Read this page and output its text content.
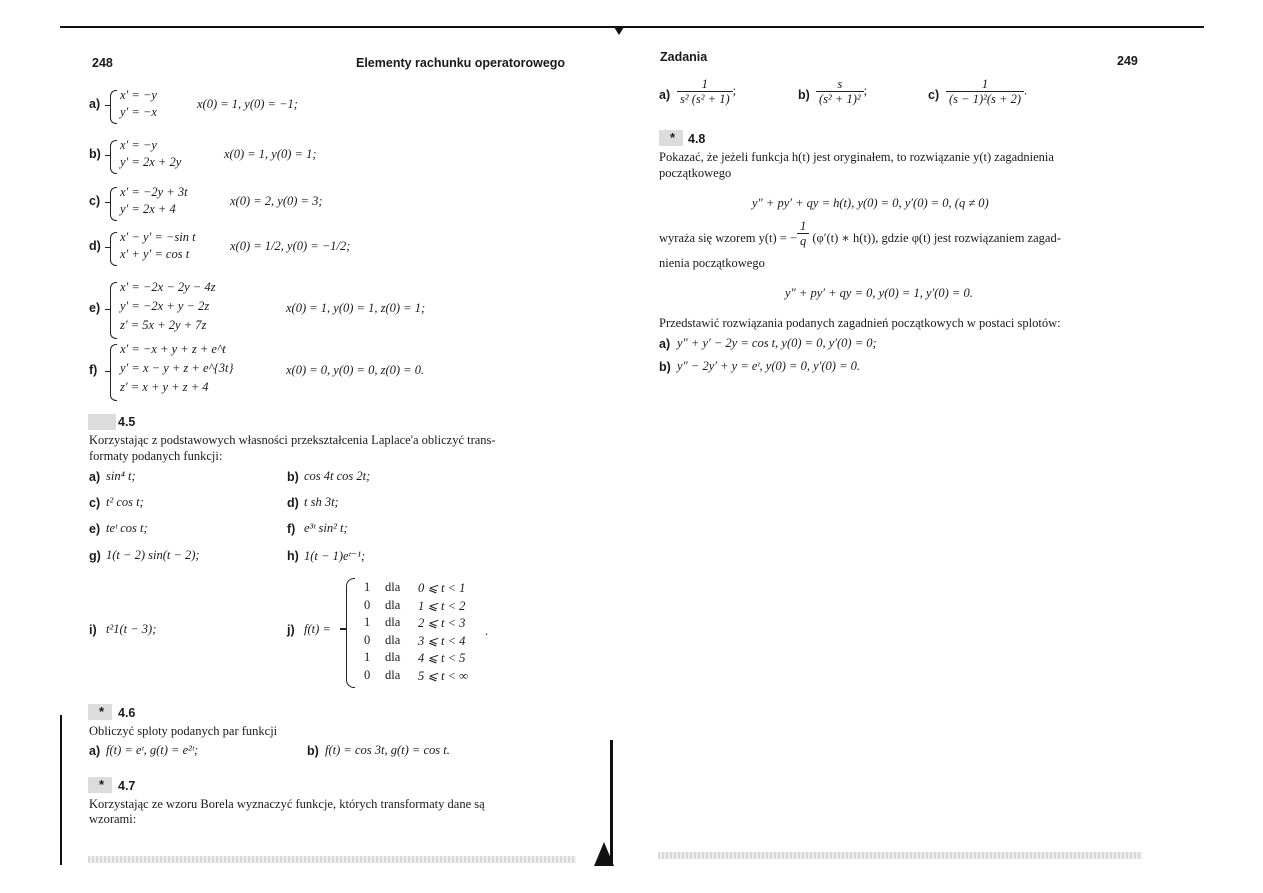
248	Elementy rachunku operatorowego
a)
x′ = −y
y′ = −x
x(0) = 1, y(0) = −1;
b)
x′ = −y
y′ = 2x + 2y
x(0) = 1, y(0) = 1;
c)
x′ = −2y + 3t
y′ = 2x + 4
x(0) = 2, y(0) = 3;
d)
x′ − y′ = −sin t
x′ + y′ = cos t
x(0) = 1/2, y(0) = −1/2;
e)
x′ = −2x − 2y − 4z
y′ = −2x + y − 2z
z′ = 5x + 2y + 7z
x(0) = 1, y(0) = 1, z(0) = 1;
f)
x′ = −x + y + z + e^t
y′ = x − y + z + e^{3t}
z′ = x + y + z + 4
x(0) = 0, y(0) = 0, z(0) = 0.
4.5
Korzystając z podstawowych własności przekształcenia Laplace'a obliczyć trans-
formaty podanych funkcji:
a) sin⁴ t;	b) cos 4t cos 2t;
c) t² cos t;	d) t sh 3t;
e) teᵗ cos t;	f) e³ᵗ sin² t;
g) 1(t − 2) sin(t − 2);	h) 1(t − 1)eᵗ⁻¹;
i) t²1(t − 3);	j) f(t) =
1 dla 0 ⩽ t < 1
0 dla 1 ⩽ t < 2
1 dla 2 ⩽ t < 3
0 dla 3 ⩽ t < 4
1 dla 4 ⩽ t < 5
0 dla 5 ⩽ t < ∞
.
* 4.6
Obliczyć sploty podanych par funkcji
a) f(t) = eᵗ, g(t) = e²ᵗ;	b) f(t) = cos 3t, g(t) = cos t.
* 4.7
Korzystając ze wzoru Borela wyznaczyć funkcje, których transformaty dane są
wzorami:
Zadania	249
$a) \frac{1}{\text{s² (s² + 1)}}$ ;	$b) \frac{s}{\text{(s² + 1)²}}$ ;	$c) \frac{1}{\text{(s − 1)²(s + 2)}}$ .
* 4.8
Pokazać, że jeżeli funkcja h(t) jest oryginałem, to rozwiązanie y(t) zagadnienia
początkowego
y″ + py′ + qy = h(t), y(0) = 0, y′(0) = 0, (q ≠ 0)
wyraża się wzorem y(t) = − $\frac{1}{q} (\varphi'(t)$ ∗ h(t)), gdzie φ(t) jest rozwiązaniem zagad-
nienia początkowego
y″ + py′ + qy = 0, y(0) = 1, y′(0) = 0.
Przedstawić rozwiązania podanych zagadnień początkowych w postaci splotów:
a) y″ + y′ − 2y = cos t, y(0) = 0, y′(0) = 0;
b) y″ − 2y′ + y = eᵗ, y(0) = 0, y′(0) = 0.
